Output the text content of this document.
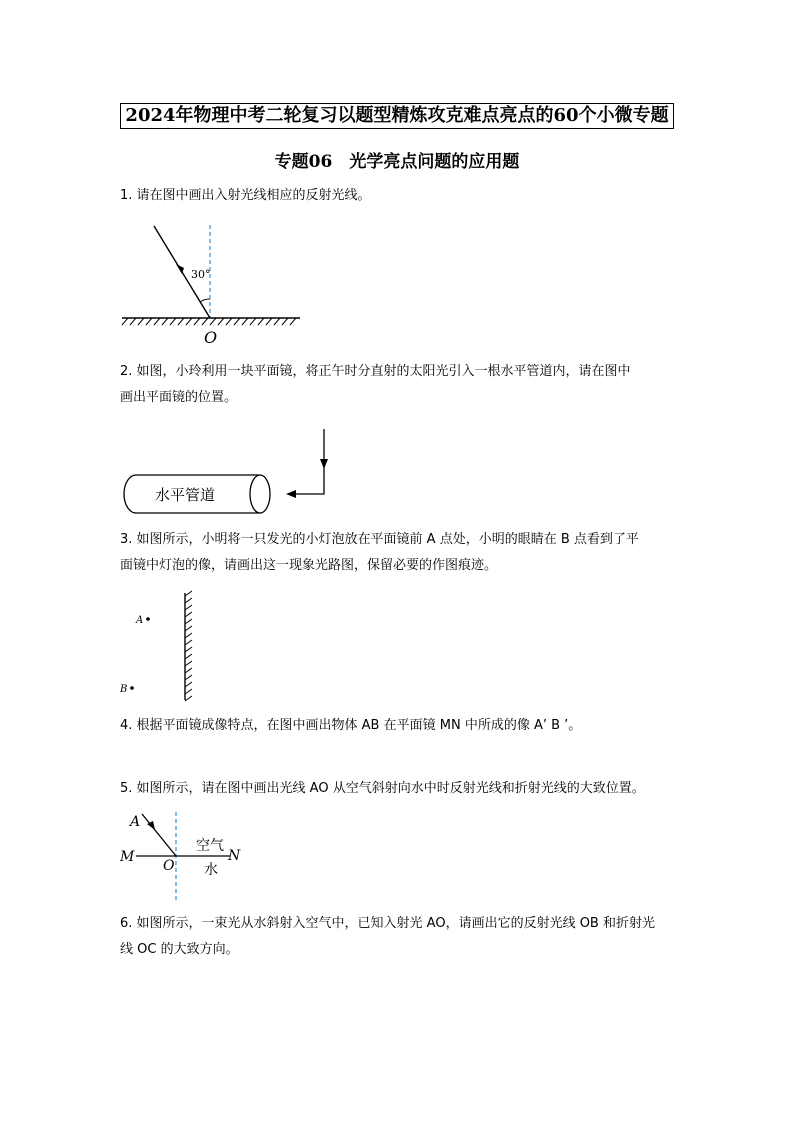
2024年物理中考二轮复习以题型精炼攻克难点亮点的60个小微专题
专题06　光学亮点问题的应用题
1. 请在图中画出入射光线相应的反射光线。
30°
O
2. 如图，小玲利用一块平面镜，将正午时分直射的太阳光引入一根水平管道内，请在图中
画出平面镜的位置。
水平管道
3. 如图所示，小明将一只发光的小灯泡放在平面镜前 A 点处，小明的眼睛在 B 点看到了平
面镜中灯泡的像，请画出这一现象光路图，保留必要的作图痕迹。
A
B
4. 根据平面镜成像特点，在图中画出物体 AB 在平面镜 MN 中所成的像 A’ B ’。
5. 如图所示，请在图中画出光线 AO 从空气斜射向水中时反射光线和折射光线的大致位置。
A
M
O
N
空气
水
6. 如图所示，一束光从水斜射入空气中，已知入射光 AO，请画出它的反射光线 OB 和折射光
线 OC 的大致方向。
